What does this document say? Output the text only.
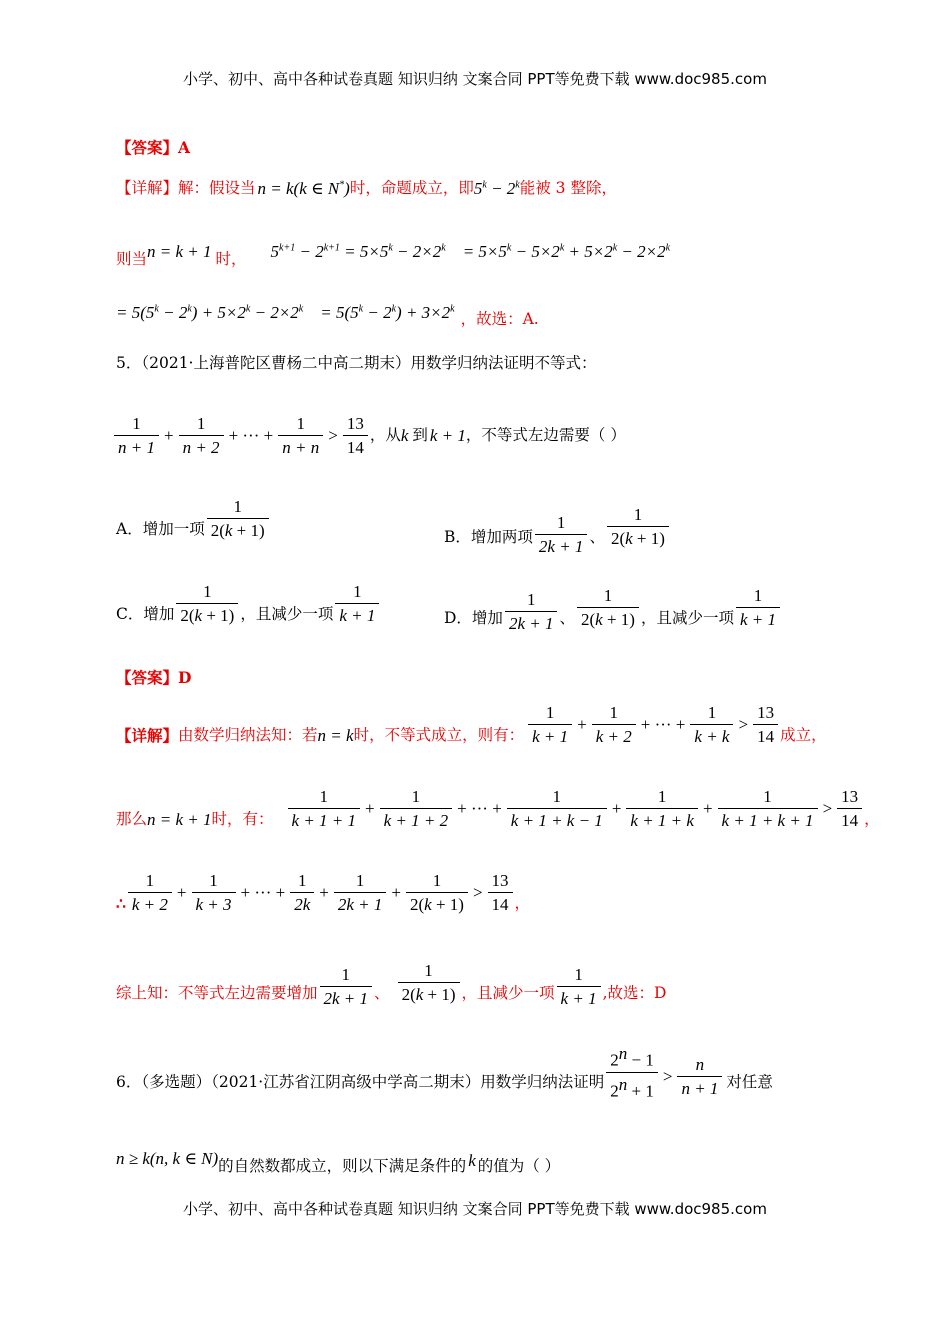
小学、初中、高中各种试卷真题 知识归纳 文案合同 PPT等免费下载 www.doc985.com
【答案】A
【详解】解：假设当 n = k(k ∈ N*) 时，命题成立，即 $5^k - 2^k$ 能被 3 整除，
则当 n = k + 1 时， $5^{k+1} - 2^{k+1} = 5\times 5^k - 2\times 2^k$    = $5\times 5^k - 5\times 2^k + 5\times 2^k - 2\times 2^k$
= $5(5^k - 2^k) + 5\times 2^k - 2\times 2^k$    = $5(5^k - 2^k) + 3\times 2^k$
，故选：A.
5．（2021·上海普陀区曹杨二中高二期末）用数学归纳法证明不等式：
$\frac{1}{n + 1} + \frac{1}{n + 2}$ + ··· + $\frac{1}{n + n} > \frac{13}{14}$ ，从 k 到 k + 1 ，不等式左边需要（ ）
A．增加一项 $\frac{1}{2(k + 1)}$	B．增加两项 $\frac{1}{2k + 1}$ 、 $\frac{1}{2(k + 1)}$
C．增加 $\frac{1}{2(k + 1)}$ ，且减少一项 $\frac{1}{k + 1}$	D．增加 $\frac{1}{2k + 1}$ 、 $\frac{1}{2(k + 1)}$ ，且减少一项 $\frac{1}{k + 1}$
【答案】D
【详解】 由数学归纳法知：若 n = k 时，不等式成立，则有： $\frac{1}{k + 1} + \frac{1}{k + 2}$ + ··· + $\frac{1}{k + k} > \frac{13}{14}$ 成立，
那么 n = k + 1 时，有： $\frac{1}{k + 1 + 1} + \frac{1}{k + 1 + 2}$ + ··· + $\frac{1}{k + 1 + k - 1} + \frac{1}{k + 1 + k} + \frac{1}{k + 1 + k + 1} > \frac{13}{14}$ ，
∴ $\frac{1}{k + 2} + \frac{1}{k + 3}$ + ··· + $\frac{1}{2k} + \frac{1}{2k + 1} + \frac{1}{2(k + 1)} > \frac{13}{14}$ ，
综上知：不等式左边需要增加 $\frac{1}{2k + 1}$ 、 $\frac{1}{2(k + 1)}$ ，且减少一项 $\frac{1}{k + 1}$ ,故选：D
6．（多选题）（2021·江苏省江阴高级中学高二期末）用数学归纳法证明 $\frac{2^n - 1}{2^n + 1} > \frac{n}{n + 1}$ 对任意
n ≥ k(n, k ∈ N) 的自然数都成立，则以下满足条件的 k 的值为（ ）
小学、初中、高中各种试卷真题 知识归纳 文案合同 PPT等免费下载 www.doc985.com
